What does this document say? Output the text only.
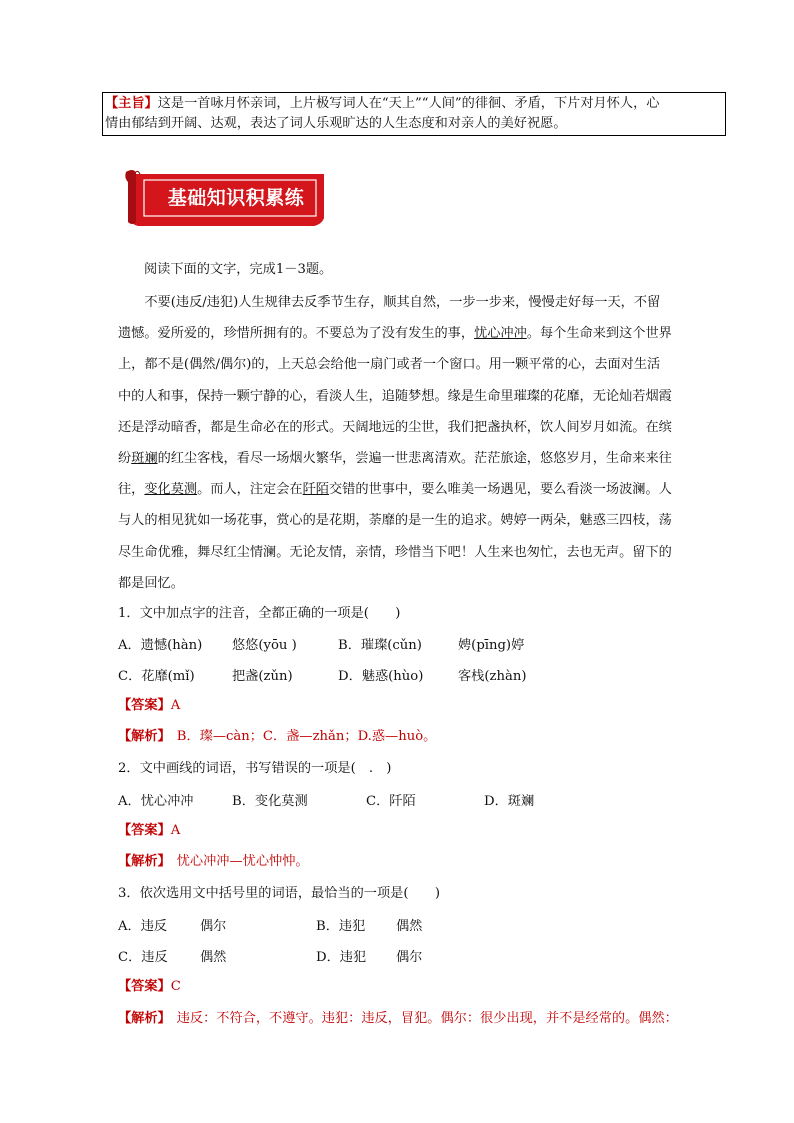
【主旨】这是一首咏月怀亲词，上片极写词人在“天上”“人间”的徘徊、矛盾，下片对月怀人，心
情由郁结到开阔、达观，表达了词人乐观旷达的人生态度和对亲人的美好祝愿。
基础知识积累练
阅读下面的文字，完成1－3题。
　　不要(违反/违犯)人生规律去反季节生存，顺其自然，一步一步来，慢慢走好每一天，不留
遗憾。爱所爱的，珍惜所拥有的。不要总为了没有发生的事，忧心冲冲。每个生命来到这个世界
上，都不是(偶然/偶尔)的，上天总会给他一扇门或者一个窗口。用一颗平常的心，去面对生活
中的人和事，保持一颗宁静的心，看淡人生，追随梦想。缘是生命里璀璨的花靡，无论灿若烟霞
还是浮动暗香，都是生命必在的形式。天阔地远的尘世，我们把盏执杯，饮人间岁月如流。在缤
纷斑斓的红尘客栈，看尽一场烟火繁华，尝遍一世悲离清欢。茫茫旅途，悠悠岁月，生命来来往
往，变化莫测。而人，注定会在阡陌交错的世事中，要么唯美一场遇见，要么看淡一场波澜。人
与人的相见犹如一场花事，赏心的是花期，荼靡的是一生的追求。娉婷一两朵，魅惑三四枝，荡
尽生命优雅，舞尽红尘情澜。无论友情，亲情，珍惜当下吧！人生来也匆忙，去也无声。留下的
都是回忆。
1．文中加点字的注音，全都正确的一项是(　　)
A．遗憾(hàn) 悠悠(yōu )	B．璀璨(cǔn)	娉(pīng)婷
C．花靡(mǐ)	把盏(zǔn)	D．魅惑(hùo)	客栈(zhàn)
【答案】A
【解析】 B．璨—càn；C．盏—zhǎn；D.惑—huò。
2．文中画线的词语，书写错误的一项是(　.　)
A．忧心冲冲	B．变化莫测	C．阡陌	D．斑斓
【答案】A
【解析】 忧心冲冲—忧心忡忡。
3．依次选用文中括号里的词语，最恰当的一项是(　　)
A．违反 偶尔	B．违犯 偶然
C．违反 偶然	D．违犯 偶尔
【答案】C
【解析】 违反：不符合，不遵守。违犯：违反，冒犯。偶尔：很少出现，并不是经常的。偶然：
